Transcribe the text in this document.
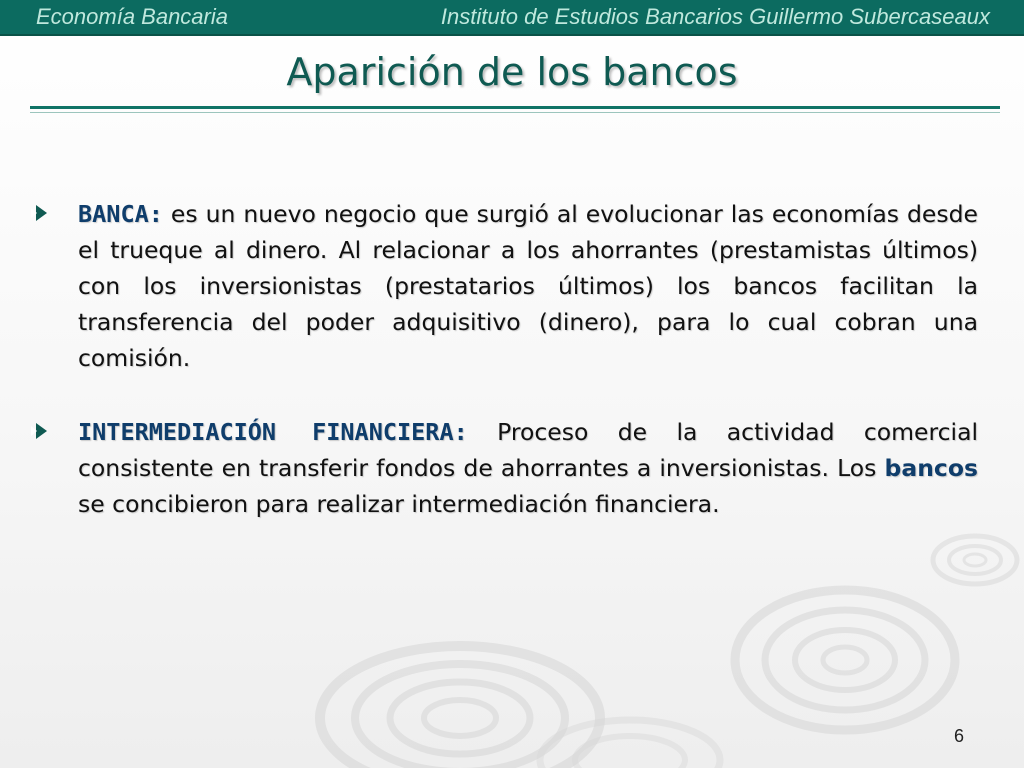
Economía Bancaria	Instituto de Estudios Bancarios Guillermo Subercaseaux
Aparición de los bancos
BANCA: es un nuevo negocio que surgió al evolucionar las economías desde el trueque al dinero. Al relacionar a los ahorrantes (prestamistas últimos) con los inversionistas (prestatarios últimos) los bancos facilitan la transferencia del poder adquisitivo (dinero), para lo cual cobran una comisión.
INTERMEDIACIÓN FINANCIERA: Proceso de la actividad comercial consistente en transferir fondos de ahorrantes a inversionistas. Los bancos se concibieron para realizar intermediación financiera.
6
